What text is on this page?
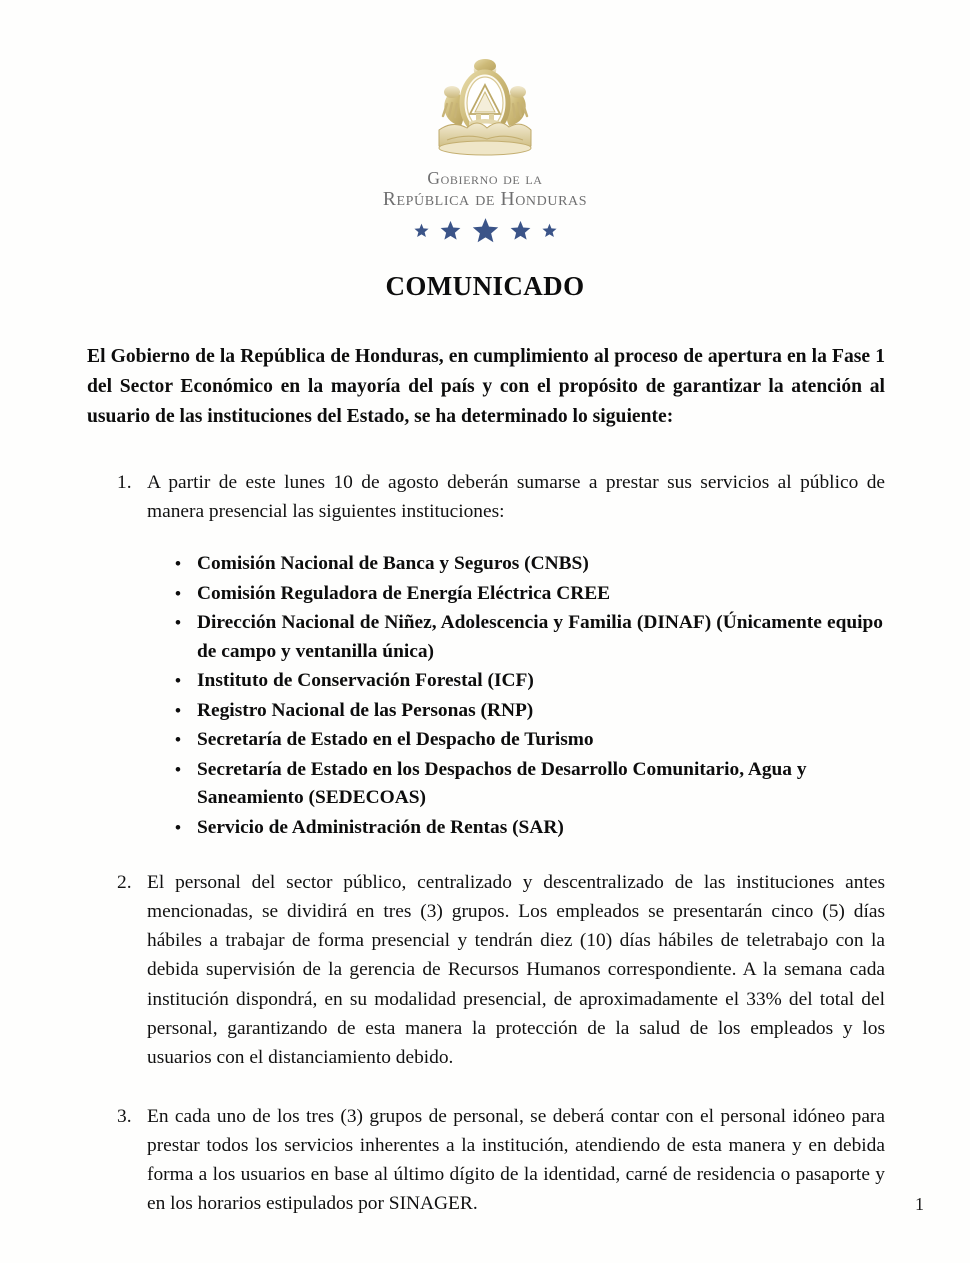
Gobierno de la
República de Honduras
COMUNICADO

El Gobierno de la República de Honduras, en cumplimiento al proceso de apertura en la Fase 1 del Sector Económico en la mayoría del país y con el propósito de garantizar la atención al usuario de las instituciones del Estado, se ha determinado lo siguiente:

1. A partir de este lunes 10 de agosto deberán sumarse a prestar sus servicios al público de manera presencial las siguientes instituciones:
• Comisión Nacional de Banca y Seguros (CNBS)
• Comisión Reguladora de Energía Eléctrica CREE
• Dirección Nacional de Niñez, Adolescencia y Familia (DINAF) (Únicamente equipo de campo y ventanilla única)
• Instituto de Conservación Forestal (ICF)
• Registro Nacional de las Personas (RNP)
• Secretaría de Estado en el Despacho de Turismo
• Secretaría de Estado en los Despachos de Desarrollo Comunitario, Agua y Saneamiento (SEDECOAS)
• Servicio de Administración de Rentas (SAR)
2. El personal del sector público, centralizado y descentralizado de las instituciones antes mencionadas, se dividirá en tres (3) grupos. Los empleados se presentarán cinco (5) días hábiles a trabajar de forma presencial y tendrán diez (10) días hábiles de teletrabajo con la debida supervisión de la gerencia de Recursos Humanos correspondiente. A la semana cada institución dispondrá, en su modalidad presencial, de aproximadamente el 33% del total del personal, garantizando de esta manera la protección de la salud de los empleados y los usuarios con el distanciamiento debido.
3. En cada uno de los tres (3) grupos de personal, se deberá contar con el personal idóneo para prestar todos los servicios inherentes a la institución, atendiendo de esta manera y en debida forma a los usuarios en base al último dígito de la identidad, carné de residencia o pasaporte y en los horarios estipulados por SINAGER.	1
